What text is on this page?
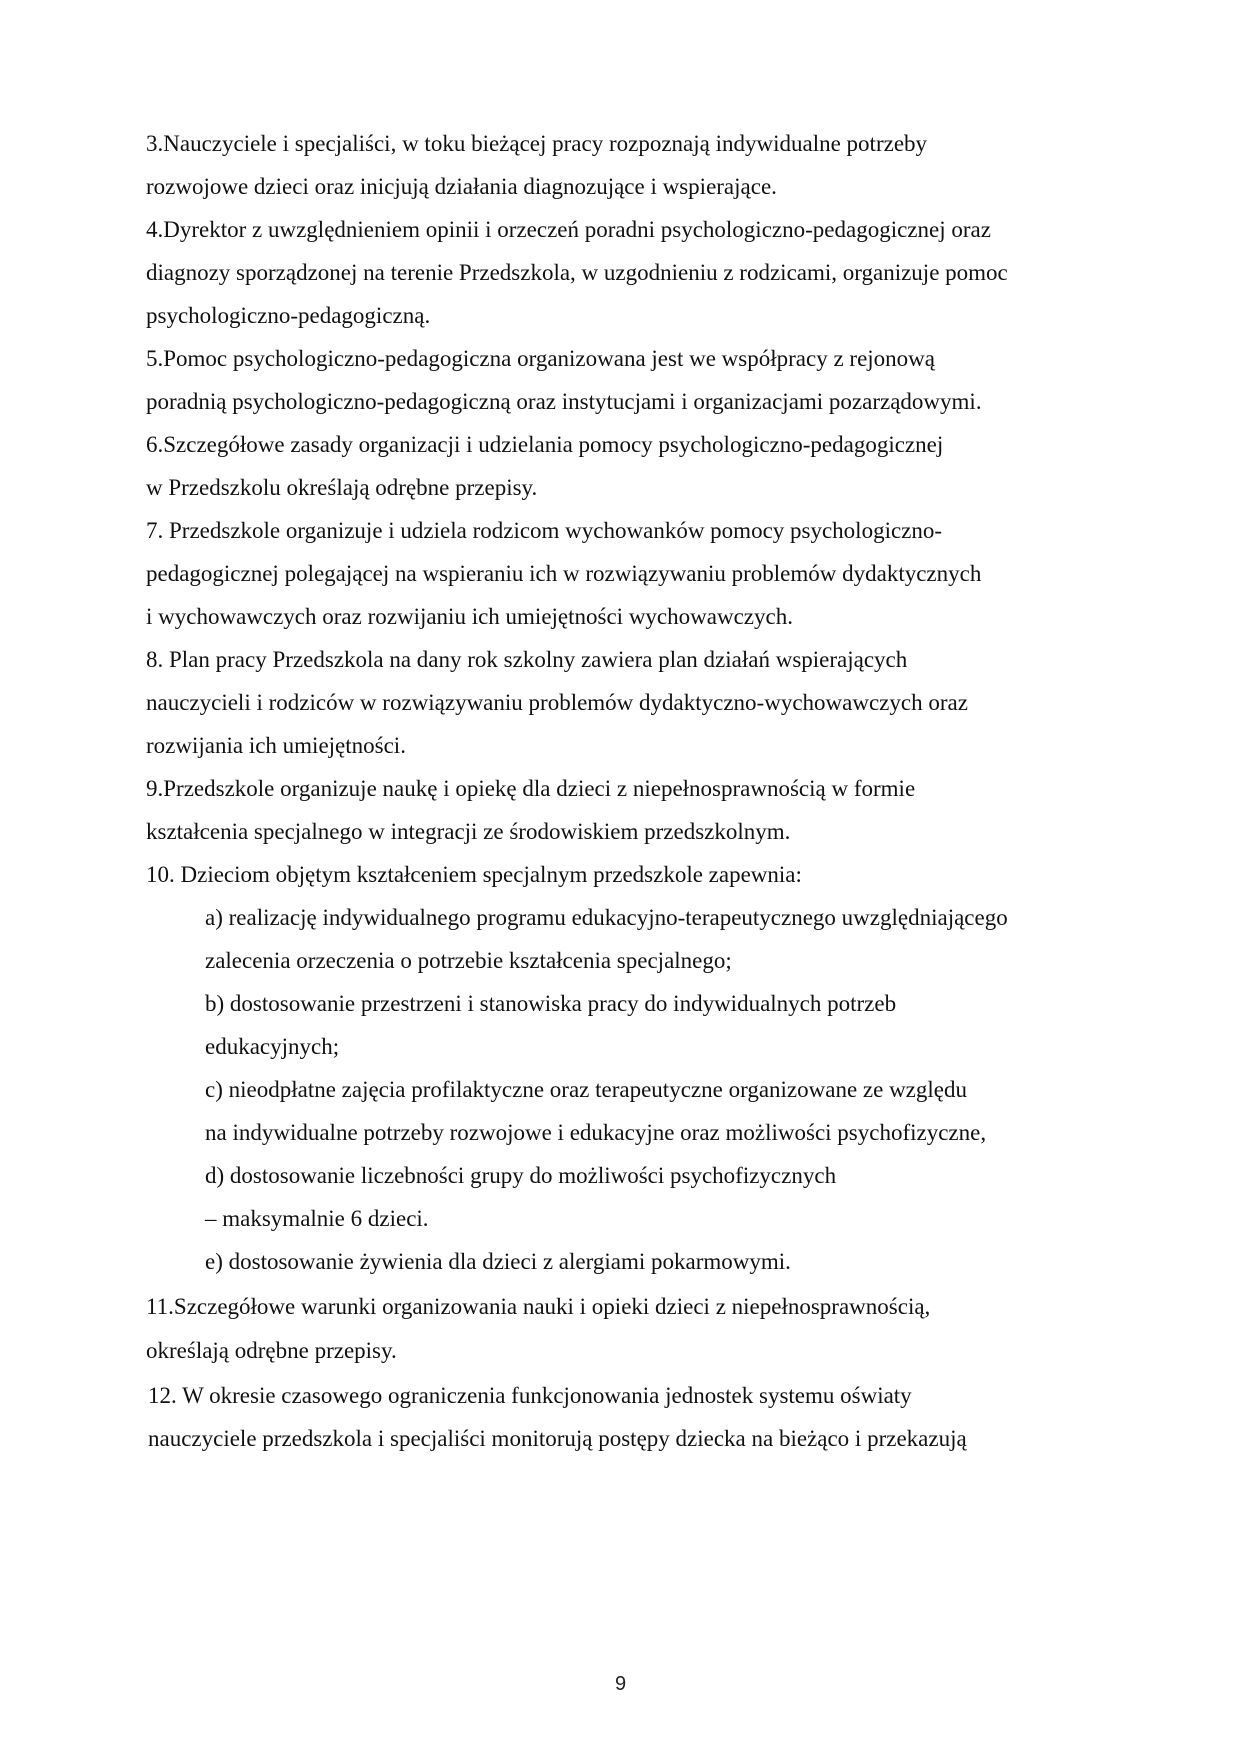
3.Nauczyciele i specjaliści, w toku bieżącej pracy rozpoznają indywidualne potrzeby
rozwojowe dzieci oraz inicjują działania diagnozujące i wspierające.
4.Dyrektor z uwzględnieniem opinii i orzeczeń poradni psychologiczno-pedagogicznej oraz
diagnozy sporządzonej na terenie Przedszkola, w uzgodnieniu z rodzicami, organizuje pomoc
psychologiczno-pedagogiczną.
5.Pomoc psychologiczno-pedagogiczna organizowana jest we współpracy z rejonową
poradnią psychologiczno-pedagogiczną oraz instytucjami i organizacjami pozarządowymi.
6.Szczegółowe zasady organizacji i udzielania pomocy psychologiczno-pedagogicznej
w Przedszkolu określają odrębne przepisy.
7. Przedszkole organizuje i udziela rodzicom wychowanków pomocy psychologiczno-
pedagogicznej polegającej na wspieraniu ich w rozwiązywaniu problemów dydaktycznych
i wychowawczych oraz rozwijaniu ich umiejętności wychowawczych.
8. Plan pracy Przedszkola na dany rok szkolny zawiera plan działań wspierających
nauczycieli i rodziców w rozwiązywaniu problemów dydaktyczno-wychowawczych oraz
rozwijania ich umiejętności.
9.Przedszkole organizuje naukę i opiekę dla dzieci z niepełnosprawnością w formie
kształcenia specjalnego w integracji ze środowiskiem przedszkolnym.
10. Dzieciom objętym kształceniem specjalnym przedszkole zapewnia:
a) realizację indywidualnego programu edukacyjno-terapeutycznego uwzględniającego
zalecenia orzeczenia o potrzebie kształcenia specjalnego;
b) dostosowanie przestrzeni i stanowiska pracy do indywidualnych potrzeb
edukacyjnych;
c) nieodpłatne zajęcia profilaktyczne oraz terapeutyczne organizowane ze względu
na indywidualne potrzeby rozwojowe i edukacyjne oraz możliwości psychofizyczne,
d) dostosowanie liczebności grupy do możliwości psychofizycznych
– maksymalnie 6 dzieci.
e) dostosowanie żywienia dla dzieci z alergiami pokarmowymi.
11.Szczegółowe warunki organizowania nauki i opieki dzieci z niepełnosprawnością,
określają odrębne przepisy.
12. W okresie czasowego ograniczenia funkcjonowania jednostek systemu oświaty
nauczyciele przedszkola i specjaliści monitorują postępy dziecka na bieżąco i przekazują
9
